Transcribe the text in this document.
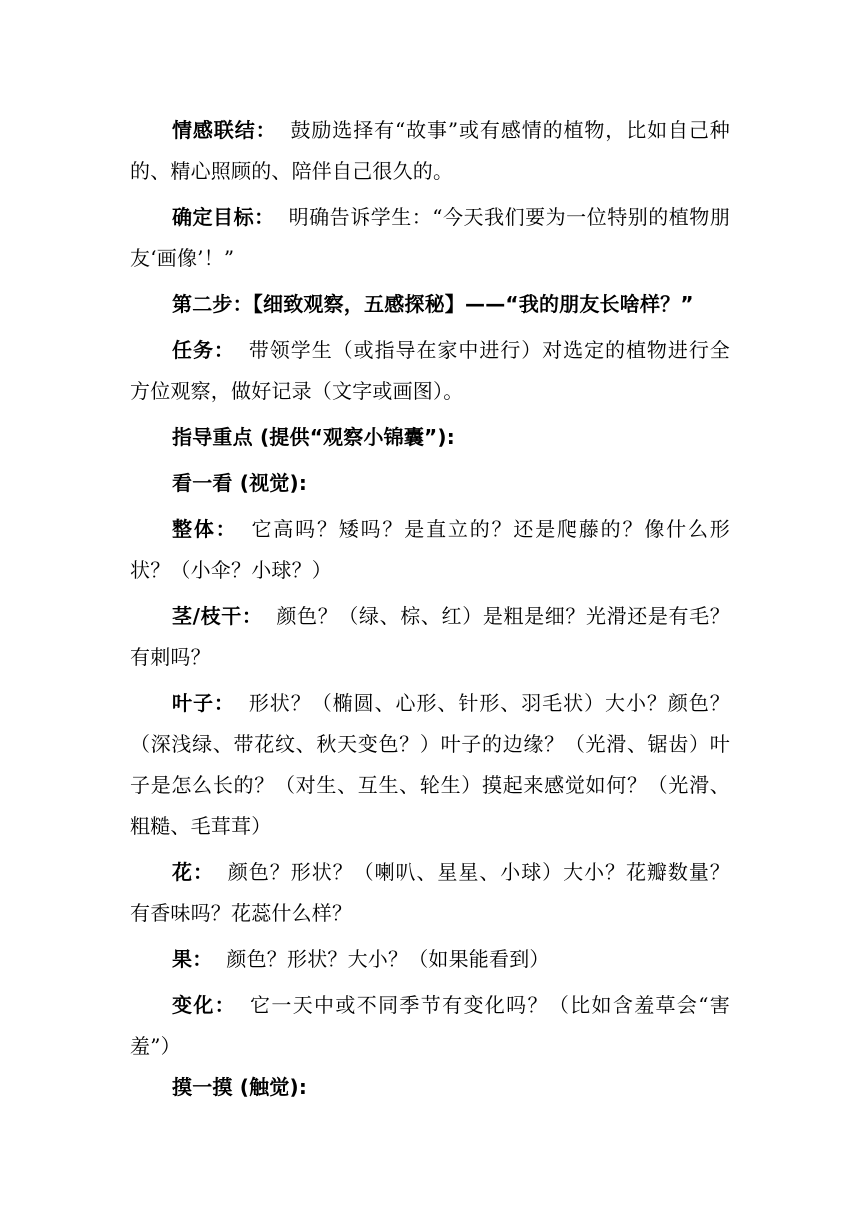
情感联结： 鼓励选择有“故事”或有感情的植物，比如自己种的、精心照顾的、陪伴自己很久的。

确定目标： 明确告诉学生：“今天我们要为一位特别的植物朋友‘画像’！”

第二步：【细致观察，五感探秘】——“我的朋友长啥样？”

任务： 带领学生（或指导在家中进行）对选定的植物进行全方位观察，做好记录（文字或画图）。

指导重点 (提供“观察小锦囊”):

看一看 (视觉):

整体： 它高吗？矮吗？是直立的？还是爬藤的？像什么形状？（小伞？小球？）

茎/枝干： 颜色？（绿、棕、红）是粗是细？光滑还是有毛？有刺吗？

叶子： 形状？（椭圆、心形、针形、羽毛状）大小？颜色？（深浅绿、带花纹、秋天变色？）叶子的边缘？（光滑、锯齿）叶子是怎么长的？（对生、互生、轮生）摸起来感觉如何？（光滑、粗糙、毛茸茸）

花： 颜色？形状？（喇叭、星星、小球）大小？花瓣数量？有香味吗？花蕊什么样？

果： 颜色？形状？大小？（如果能看到）

变化： 它一天中或不同季节有变化吗？（比如含羞草会“害羞”）

摸一摸 (触觉):
